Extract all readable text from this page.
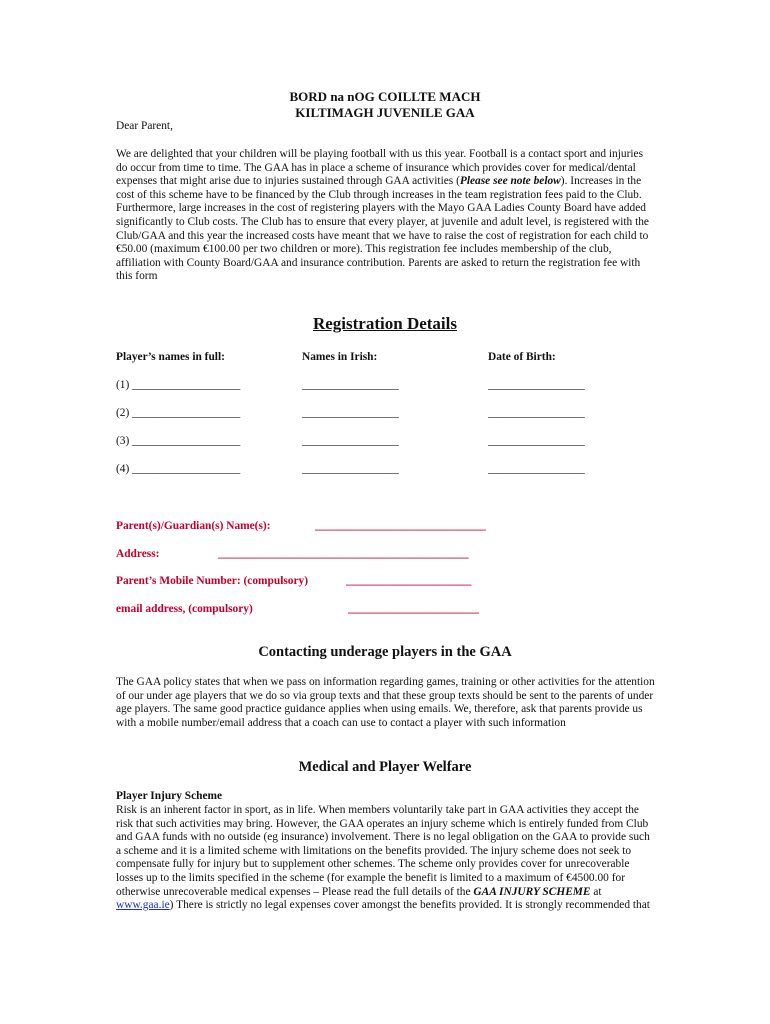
BORD na nOG COILLTE MACH
KILTIMAGH JUVENILE GAA
Dear Parent,

We are delighted that your children will be playing football with us this year. Football is a contact sport and injuries do occur from time to time. The GAA has in place a scheme of insurance which provides cover for medical/dental expenses that might arise due to injuries sustained through GAA activities (Please see note below). Increases in the cost of this scheme have to be financed by the Club through increases in the team registration fees paid to the Club. Furthermore, large increases in the cost of registering players with the Mayo GAA Ladies County Board have added significantly to Club costs. The Club has to ensure that every player, at juvenile and adult level, is registered with the Club/GAA and this year the increased costs have meant that we have to raise the cost of registration for each child to €50.00 (maximum €100.00 per two children or more). This registration fee includes membership of the club, affiliation with County Board/GAA and insurance contribution. Parents are asked to return the registration fee with this form

Registration Details
Player’s names in full:	Names in Irish:	Date of Birth:
(1) ___________________	_________________	_________________
(2) ___________________	_________________	_________________
(3) ___________________	_________________	_________________
(4) ___________________	_________________	_________________
Parent(s)/Guardian(s) Name(s):	______________________________
Address:	____________________________________________
Parent’s Mobile Number: (compulsory)	______________________
email address, (compulsory)	_______________________
Contacting underage players in the GAA

The GAA policy states that when we pass on information regarding games, training or other activities for the attention of our under age players that we do so via group texts and that these group texts should be sent to the parents of under age players. The same good practice guidance applies when using emails. We, therefore, ask that parents provide us with a mobile number/email address that a coach can use to contact a player with such information

Medical and Player Welfare
Player Injury Scheme

Risk is an inherent factor in sport, as in life. When members voluntarily take part in GAA activities they accept the risk that such activities may bring. However, the GAA operates an injury scheme which is entirely funded from Club and GAA funds with no outside (eg insurance) involvement. There is no legal obligation on the GAA to provide such a scheme and it is a limited scheme with limitations on the benefits provided. The injury scheme does not seek to compensate fully for injury but to supplement other schemes. The scheme only provides cover for unrecoverable losses up to the limits specified in the scheme (for example the benefit is limited to a maximum of €4500.00 for otherwise unrecoverable medical expenses – Please read the full details of the GAA INJURY SCHEME at www.gaa.ie) There is strictly no legal expenses cover amongst the benefits provided. It is strongly recommended that
